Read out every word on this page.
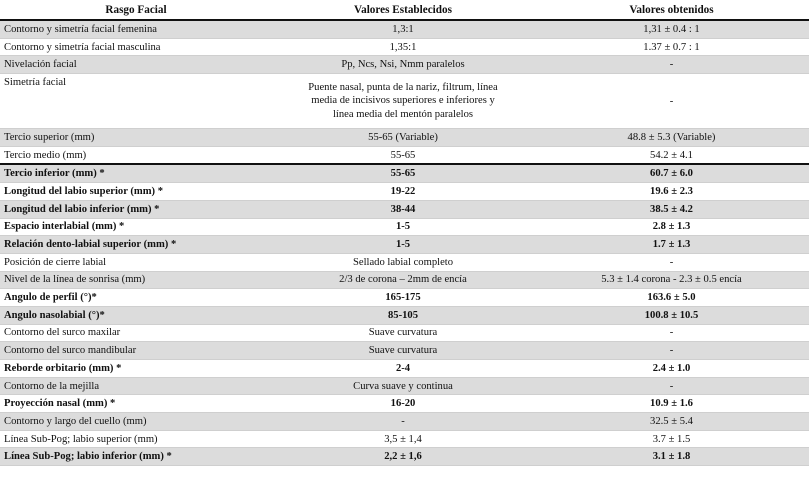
Rasgo Facial	Valores Establecidos	Valores obtenidos
Contorno y simetría facial femenina	1,3:1	1,31 ± 0.4 : 1
Contorno y simetría facial masculina	1,35:1	1.37 ± 0.7 : 1
Nivelación facial	Pp, Ncs, Nsi, Nmm paralelos	-
Simetría facial	Puente nasal, punta de la nariz, filtrum, línea
media de incisivos superiores e inferiores y
línea media del mentón paralelos	-
Tercio superior (mm)	55-65 (Variable)	48.8 ± 5.3 (Variable)
Tercio medio (mm)	55-65	54.2 ± 4.1
Tercio inferior (mm) *	55-65	60.7 ± 6.0
Longitud del labio superior (mm) *	19-22	19.6 ± 2.3
Longitud del labio inferior (mm) *	38-44	38.5 ± 4.2
Espacio interlabial (mm) *	1-5	2.8 ± 1.3
Relación dento-labial superior (mm) *	1-5	1.7 ± 1.3
Posición de cierre labial	Sellado labial completo	-
Nivel de la línea de sonrisa (mm)	2/3 de corona – 2mm de encía	5.3 ± 1.4 corona - 2.3 ± 0.5 encía
Angulo de perfil (°)*	165-175	163.6 ± 5.0
Angulo nasolabial (°)*	85-105	100.8 ± 10.5
Contorno del surco maxilar	Suave curvatura	-
Contorno del surco mandibular	Suave curvatura	-
Reborde orbitario (mm) *	2-4	2.4 ± 1.0
Contorno de la mejilla	Curva suave y continua	-
Proyección nasal (mm) *	16-20	10.9 ± 1.6
Contorno y largo del cuello (mm)	-	32.5 ± 5.4
Línea Sub-Pog; labio superior (mm)	3,5 ± 1,4	3.7 ± 1.5
Línea Sub-Pog; labio inferior (mm) *	2,2 ± 1,6	3.1 ± 1.8
